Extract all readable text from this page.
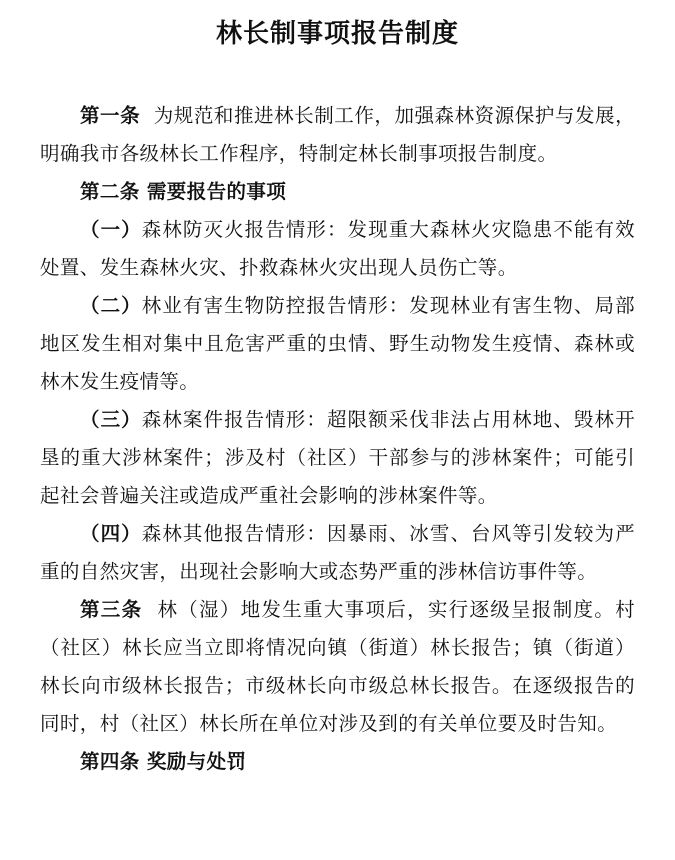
林长制事项报告制度

第一条 为规范和推进林长制工作，加强森林资源保护与发展，明确我市各级林长工作程序，特制定林长制事项报告制度。

第二条 需要报告的事项

（一）森林防灭火报告情形：发现重大森林火灾隐患不能有效处置、发生森林火灾、扑救森林火灾出现人员伤亡等。

（二）林业有害生物防控报告情形：发现林业有害生物、局部地区发生相对集中且危害严重的虫情、野生动物发生疫情、森林或林木发生疫情等。

（三）森林案件报告情形：超限额采伐非法占用林地、毁林开垦的重大涉林案件；涉及村（社区）干部参与的涉林案件；可能引起社会普遍关注或造成严重社会影响的涉林案件等。

（四）森林其他报告情形：因暴雨、冰雪、台风等引发较为严重的自然灾害，出现社会影响大或态势严重的涉林信访事件等。

第三条 林（湿）地发生重大事项后，实行逐级呈报制度。村（社区）林长应当立即将情况向镇（街道）林长报告；镇（街道）林长向市级林长报告；市级林长向市级总林长报告。在逐级报告的同时，村（社区）林长所在单位对涉及到的有关单位要及时告知。

第四条 奖励与处罚
